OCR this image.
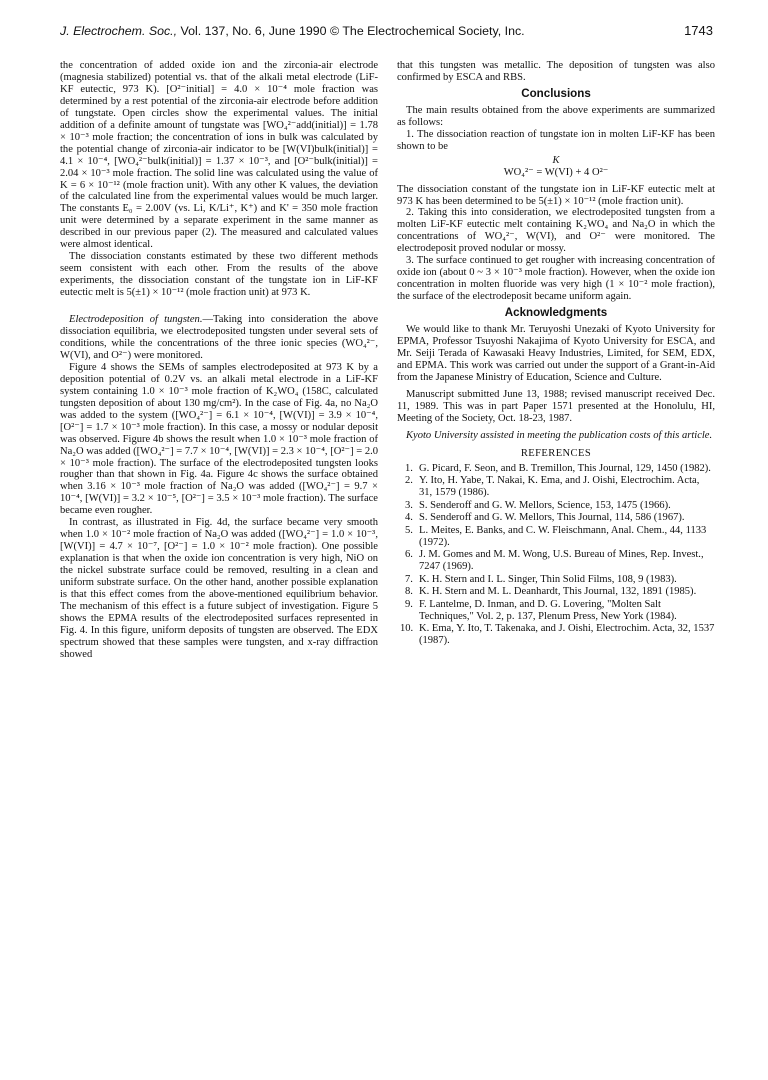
J. Electrochem. Soc., Vol. 137, No. 6, June 1990 © The Electrochemical Society, Inc.	1743

the concentration of added oxide ion and the zirconia-air electrode (magnesia stabilized) potential vs. that of the alkali metal electrode (LiF-KF eutectic, 973 K). [O²⁻initial] = 4.0 × 10⁻⁴ mole fraction was determined by a rest potential of the zirconia-air electrode before addition of tungstate. Open circles show the experimental values. The initial addition of a definite amount of tungstate was [WO₄²⁻add(initial)] = 1.78 × 10⁻³ mole fraction; the concentration of ions in bulk was calculated by the potential change of zirconia-air indicator to be [W(VI)bulk(initial)] = 4.1 × 10⁻⁴, [WO₄²⁻bulk(initial)] = 1.37 × 10⁻³, and [O²⁻bulk(initial)] = 2.04 × 10⁻³ mole fraction. The solid line was calculated using the value of K = 6 × 10⁻¹² (mole fraction unit). With any other K values, the deviation of the calculated line from the experimental values would be much larger. The constants E₀ = 2.00V (vs. Li, K/Li⁺, K⁺) and K' = 350 mole fraction unit were determined by a separate experiment in the same manner as described in our previous paper (2). The measured and calculated values were almost identical.

The dissociation constants estimated by these two different methods seem consistent with each other. From the results of the above experiments, the dissociation constant of the tungstate ion in LiF-KF eutectic melt is 5(±1) × 10⁻¹² (mole fraction unit) at 973 K.

Electrodeposition of tungsten.—Taking into consideration the above dissociation equilibria, we electrodeposited tungsten under several sets of conditions, while the concentrations of the three ionic species (WO₄²⁻, W(VI), and O²⁻) were monitored.

Figure 4 shows the SEMs of samples electrodeposited at 973 K by a deposition potential of 0.2V vs. an alkali metal electrode in a LiF-KF system containing 1.0 × 10⁻³ mole fraction of K₂WO₄ (158C, calculated tungsten deposition of about 130 mg/cm²). In the case of Fig. 4a, no Na₂O was added to the system ([WO₄²⁻] = 6.1 × 10⁻⁴, [W(VI)] = 3.9 × 10⁻⁴, [O²⁻] = 1.7 × 10⁻³ mole fraction). In this case, a mossy or nodular deposit was observed. Figure 4b shows the result when 1.0 × 10⁻³ mole fraction of Na₂O was added ([WO₄²⁻] = 7.7 × 10⁻⁴, [W(VI)] = 2.3 × 10⁻⁴, [O²⁻] = 2.0 × 10⁻³ mole fraction). The surface of the electrodeposited tungsten looks rougher than that shown in Fig. 4a. Figure 4c shows the surface obtained when 3.16 × 10⁻³ mole fraction of Na₂O was added ([WO₄²⁻] = 9.7 × 10⁻⁴, [W(VI)] = 3.2 × 10⁻⁵, [O²⁻] = 3.5 × 10⁻³ mole fraction). The surface became even rougher.

In contrast, as illustrated in Fig. 4d, the surface became very smooth when 1.0 × 10⁻² mole fraction of Na₂O was added ([WO₄²⁻] = 1.0 × 10⁻³, [W(VI)] = 4.7 × 10⁻⁷, [O²⁻] = 1.0 × 10⁻² mole fraction). One possible explanation is that when the oxide ion concentration is very high, NiO on the nickel substrate surface could be removed, resulting in a clean and uniform substrate surface. On the other hand, another possible explanation is that this effect comes from the above-mentioned equilibrium behavior. The mechanism of this effect is a future subject of investigation. Figure 5 shows the EPMA results of the electrodeposited surfaces represented in Fig. 4. In this figure, uniform deposits of tungsten are observed. The EDX spectrum showed that these samples were tungsten, and x-ray diffraction showed

that this tungsten was metallic. The deposition of tungsten was also confirmed by ESCA and RBS.

Conclusions

The main results obtained from the above experiments are summarized as follows:

1. The dissociation reaction of tungstate ion in molten LiF-KF has been shown to be

K
WO₄²⁻ = W(VI) + 4 O²⁻

The dissociation constant of the tungstate ion in LiF-KF eutectic melt at 973 K has been determined to be 5(±1) × 10⁻¹² (mole fraction unit).

2. Taking this into consideration, we electrodeposited tungsten from a molten LiF-KF eutectic melt containing K₂WO₄ and Na₂O in which the concentrations of WO₄²⁻, W(VI), and O²⁻ were monitored. The electrodeposit proved nodular or mossy.

3. The surface continued to get rougher with increasing concentration of oxide ion (about 0 ~ 3 × 10⁻³ mole fraction). However, when the oxide ion concentration in molten fluoride was very high (1 × 10⁻² mole fraction), the surface of the electrodeposit became uniform again.

Acknowledgments

We would like to thank Mr. Teruyoshi Unezaki of Kyoto University for EPMA, Professor Tsuyoshi Nakajima of Kyoto University for ESCA, and Mr. Seiji Terada of Kawasaki Heavy Industries, Limited, for SEM, EDX, and EPMA. This work was carried out under the support of a Grant-in-Aid from the Japanese Ministry of Education, Science and Culture.

Manuscript submitted June 13, 1988; revised manuscript received Dec. 11, 1989. This was in part Paper 1571 presented at the Honolulu, HI, Meeting of the Society, Oct. 18-23, 1987.

Kyoto University assisted in meeting the publication costs of this article.

REFERENCES
1. G. Picard, F. Seon, and B. Tremillon, This Journal, 129, 1450 (1982).
2. Y. Ito, H. Yabe, T. Nakai, K. Ema, and J. Oishi, Electrochim. Acta, 31, 1579 (1986).
3. S. Senderoff and G. W. Mellors, Science, 153, 1475 (1966).
4. S. Senderoff and G. W. Mellors, This Journal, 114, 586 (1967).
5. L. Meites, E. Banks, and C. W. Fleischmann, Anal. Chem., 44, 1133 (1972).
6. J. M. Gomes and M. M. Wong, U.S. Bureau of Mines, Rep. Invest., 7247 (1969).
7. K. H. Stern and I. L. Singer, Thin Solid Films, 108, 9 (1983).
8. K. H. Stern and M. L. Deanhardt, This Journal, 132, 1891 (1985).
9. F. Lantelme, D. Inman, and D. G. Lovering, "Molten Salt Techniques," Vol. 2, p. 137, Plenum Press, New York (1984).
10. K. Ema, Y. Ito, T. Takenaka, and J. Oishi, Electrochim. Acta, 32, 1537 (1987).
